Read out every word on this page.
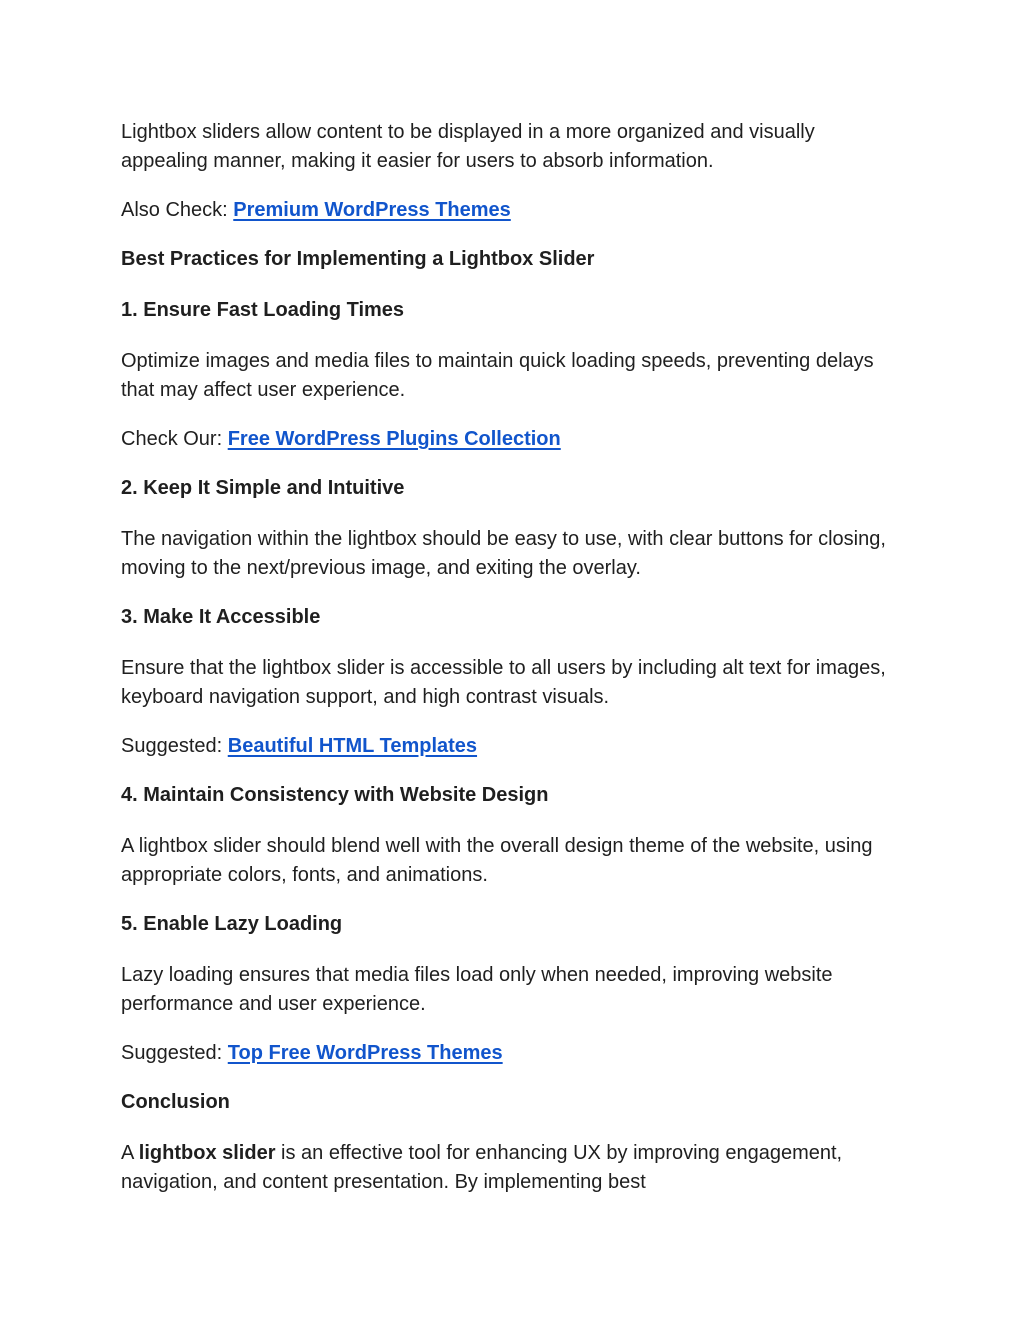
Lightbox sliders allow content to be displayed in a more organized and visually appealing manner, making it easier for users to absorb information.

Also Check: Premium WordPress Themes

Best Practices for Implementing a Lightbox Slider

1. Ensure Fast Loading Times

Optimize images and media files to maintain quick loading speeds, preventing delays that may affect user experience.

Check Our: Free WordPress Plugins Collection

2. Keep It Simple and Intuitive

The navigation within the lightbox should be easy to use, with clear buttons for closing, moving to the next/previous image, and exiting the overlay.

3. Make It Accessible

Ensure that the lightbox slider is accessible to all users by including alt text for images, keyboard navigation support, and high contrast visuals.

Suggested: Beautiful HTML Templates

4. Maintain Consistency with Website Design

A lightbox slider should blend well with the overall design theme of the website, using appropriate colors, fonts, and animations.

5. Enable Lazy Loading

Lazy loading ensures that media files load only when needed, improving website performance and user experience.

Suggested: Top Free WordPress Themes

Conclusion

A lightbox slider is an effective tool for enhancing UX by improving engagement, navigation, and content presentation. By implementing best
